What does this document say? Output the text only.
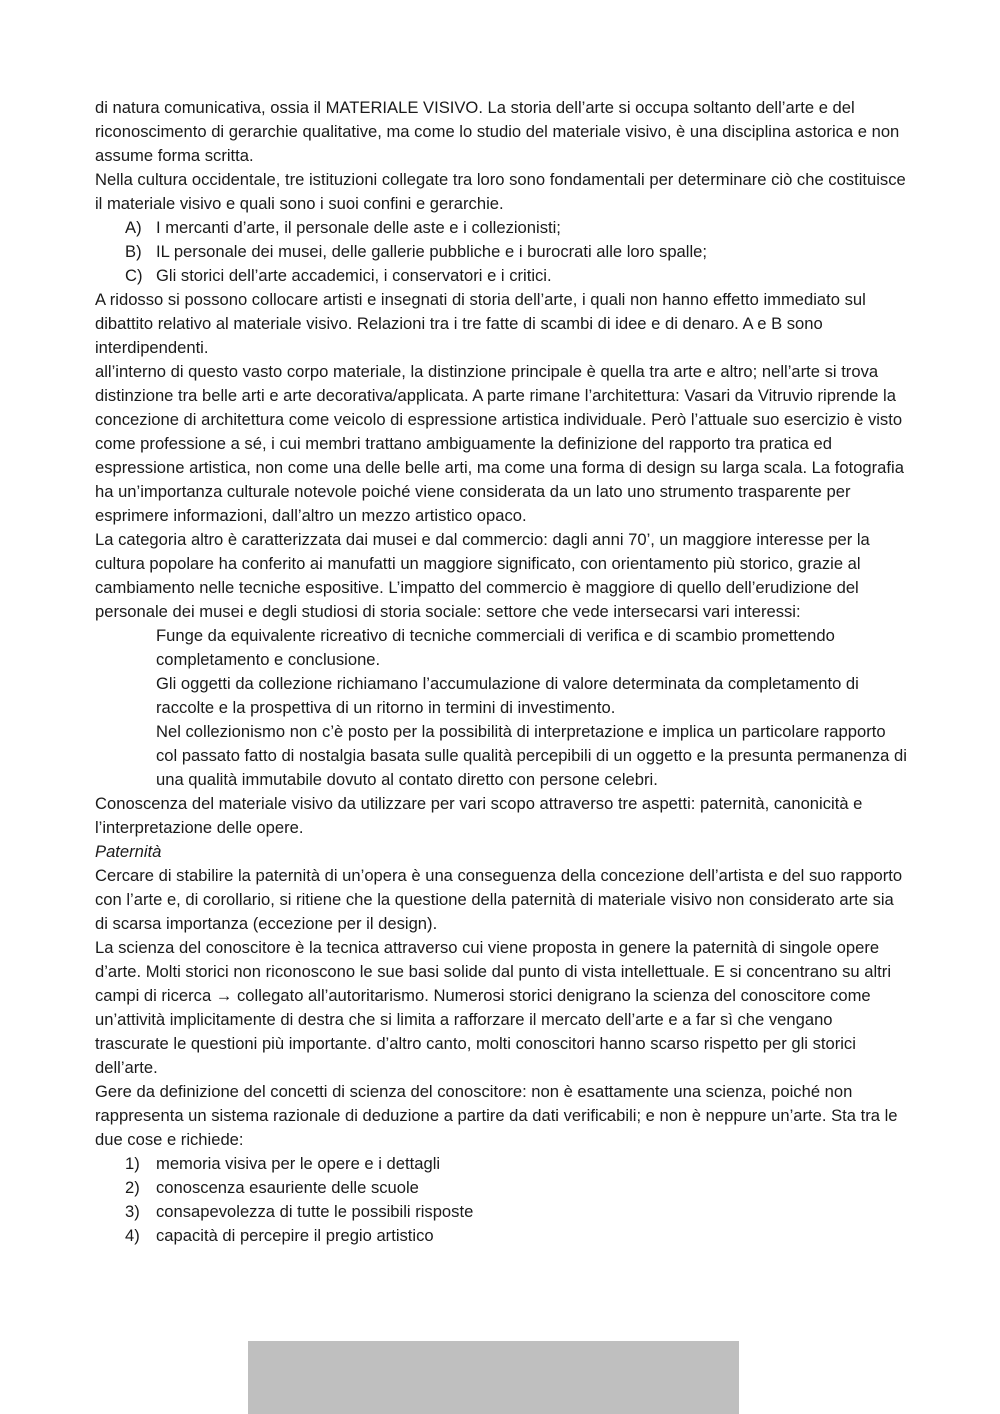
di natura comunicativa, ossia il MATERIALE VISIVO. La storia dell’arte si occupa soltanto dell’arte e del riconoscimento di gerarchie qualitative, ma come lo studio del materiale visivo, è una disciplina astorica e non assume forma scritta.

Nella cultura occidentale, tre istituzioni collegate tra loro sono fondamentali per determinare ciò che costituisce il materiale visivo e quali sono i suoi confini e gerarchie.

A) I mercanti d’arte, il personale delle aste e i collezionisti;
B) IL personale dei musei, delle gallerie pubbliche e i burocrati alle loro spalle;
C) Gli storici dell’arte accademici, i conservatori e i critici.

A ridosso si possono collocare artisti e insegnati di storia dell’arte, i quali non hanno effetto immediato sul dibattito relativo al materiale visivo. Relazioni tra i tre fatte di scambi di idee e di denaro. A e B sono interdipendenti.

all’interno di questo vasto corpo materiale, la distinzione principale è quella tra arte e altro; nell’arte si trova distinzione tra belle arti e arte decorativa/applicata. A parte rimane l’architettura: Vasari da Vitruvio riprende la concezione di architettura come veicolo di espressione artistica individuale. Però l’attuale suo esercizio è visto come professione a sé, i cui membri trattano ambiguamente la definizione del rapporto tra pratica ed espressione artistica, non come una delle belle arti, ma come una forma di design su larga scala. La fotografia ha un’importanza culturale notevole poiché viene considerata da un lato uno strumento trasparente per esprimere informazioni, dall’altro un mezzo artistico opaco.

La categoria altro è caratterizzata dai musei e dal commercio: dagli anni 70’, un maggiore interesse per la cultura popolare ha conferito ai manufatti un maggiore significato, con orientamento più storico, grazie al cambiamento nelle tecniche espositive. L’impatto del commercio è maggiore di quello dell’erudizione del personale dei musei e degli studiosi di storia sociale: settore che vede intersecarsi vari interessi:

Funge da equivalente ricreativo di tecniche commerciali di verifica e di scambio promettendo completamento e conclusione.

Gli oggetti da collezione richiamano l’accumulazione di valore determinata da completamento di raccolte e la prospettiva di un ritorno in termini di investimento.

Nel collezionismo non c’è posto per la possibilità di interpretazione e implica un particolare rapporto col passato fatto di nostalgia basata sulle qualità percepibili di un oggetto e la presunta permanenza di una qualità immutabile dovuto al contato diretto con persone celebri.

Conoscenza del materiale visivo da utilizzare per vari scopo attraverso tre aspetti: paternità, canonicità e l’interpretazione delle opere.

Paternità

Cercare di stabilire la paternità di un’opera è una conseguenza della concezione dell’artista e del suo rapporto con l’arte e, di corollario, si ritiene che la questione della paternità di materiale visivo non considerato arte sia di scarsa importanza (eccezione per il design).

La scienza del conoscitore è la tecnica attraverso cui viene proposta in genere la paternità di singole opere d’arte. Molti storici non riconoscono le sue basi solide dal punto di vista intellettuale. E si concentrano su altri campi di ricerca → collegato all’autoritarismo. Numerosi storici denigrano la scienza del conoscitore come un’attività implicitamente di destra che si limita a rafforzare il mercato dell’arte e a far sì che vengano trascurate le questioni più importante. d’altro canto, molti conoscitori hanno scarso rispetto per gli storici dell’arte.

Gere da definizione del concetti di scienza del conoscitore: non è esattamente una scienza, poiché non rappresenta un sistema razionale di deduzione a partire da dati verificabili; e non è neppure un’arte. Sta tra le due cose e richiede:

1) memoria visiva per le opere e i dettagli
2) conoscenza esauriente delle scuole
3) consapevolezza di tutte le possibili risposte
4) capacità di percepire il pregio artistico
